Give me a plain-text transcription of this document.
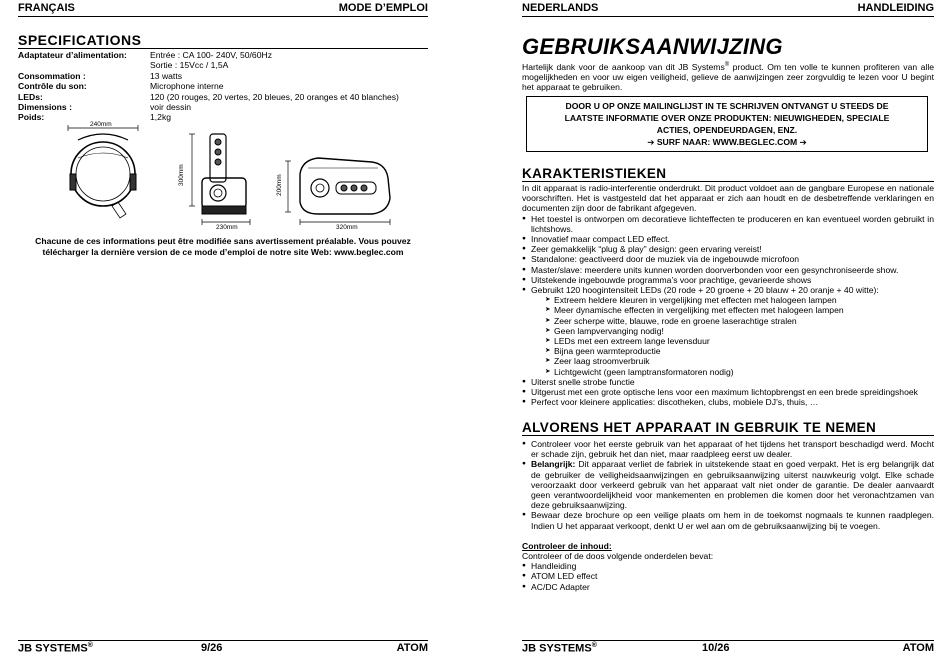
FRANÇAIS	MODE D’EMPLOI
SPECIFICATIONS
Adaptateur d’alimentation:	Entrée : CA 100- 240V, 50/60Hz
	Sortie : 15Vcc / 1,5A
Consommation :	13 watts
Contrôle du son:	Microphone interne
LEDs:	120 (20 rouges, 20 vertes, 20 bleues, 20 oranges et 40 blanches)
Dimensions :	voir dessin
Poids:	1,2kg
240mm
300mm
230mm
200mm
320mm
Chacune de ces informations peut être modifiée sans avertissement préalable. Vous pouvez
télécharger la dernière version de ce mode d’emploi de notre site Web: www.beglec.com
JB SYSTEMS®	9/26	ATOM
NEDERLANDS	HANDLEIDING
GEBRUIKSAANWIJZING
Hartelijk dank voor de aankoop van dit JB Systems® product. Om ten volle te kunnen profiteren van alle mogelijkheden en voor uw eigen veiligheid, gelieve de aanwijzingen zeer zorgvuldig te lezen voor U begint het apparaat te gebruiken.
DOOR U OP ONZE MAILINGLIJST IN TE SCHRIJVEN ONTVANGT U STEEDS DE
LAATSTE INFORMATIE OVER ONZE PRODUKTEN: NIEUWIGHEDEN, SPECIALE
ACTIES, OPENDEURDAGEN, ENZ.
➔ SURF NAAR: WWW.BEGLEC.COM ➔
KARAKTERISTIEKEN
In dit apparaat is radio-interferentie onderdrukt. Dit product voldoet aan de gangbare Europese en nationale voorschriften. Het is vastgesteld dat het apparaat er zich aan houdt en de desbetreffende verklaringen en documenten zijn door de fabrikant afgegeven.
● Het toestel is ontworpen om decoratieve lichteffecten te produceren en kan eventueel worden gebruikt in lichtshows.
● Innovatief maar compact LED effect.
● Zeer gemakkelijk “plug & play” design: geen ervaring vereist!
● Standalone: geactiveerd door de muziek via de ingebouwde microfoon
● Master/slave: meerdere units kunnen worden doorverbonden voor een gesynchroniseerde show.
● Uitstekende ingebouwde programma’s voor prachtige, gevarieerde shows
● Gebruikt 120 hoogintensiteit LEDs (20 rode + 20 groene + 20 blauw + 20 oranje + 40 witte):
➤ Extreem heldere kleuren in vergelijking met effecten met halogeen lampen
➤ Meer dynamische effecten in vergelijking met effecten met halogeen lampen
➤ Zeer scherpe witte, blauwe, rode en groene laserachtige stralen
➤ Geen lampvervanging nodig!
➤ LEDs met een extreem lange levensduur
➤ Bijna geen warmteproductie
➤ Zeer laag stroomverbruik
➤ Lichtgewicht (geen lamptransformatoren nodig)
● Uiterst snelle strobe functie
● Uitgerust met een grote optische lens voor een maximum lichtopbrengst en een brede spreidingshoek
● Perfect voor kleinere applicaties: discotheken, clubs, mobiele DJ’s, thuis, …
ALVORENS HET APPARAAT IN GEBRUIK TE NEMEN
● Controleer voor het eerste gebruik van het apparaat of het tijdens het transport beschadigd werd. Mocht er schade zijn, gebruik het dan niet, maar raadpleeg eerst uw dealer.
● Belangrijk: Dit apparaat verliet de fabriek in uitstekende staat en goed verpakt. Het is erg belangrijk dat de gebruiker de veiligheidsaanwijzingen en gebruiksaanwijzing uiterst nauwkeurig volgt. Elke schade veroorzaakt door verkeerd gebruik van het apparaat valt niet onder de garantie. De dealer aanvaardt geen verantwoordelijkheid voor mankementen en problemen die komen door het veronachtzamen van deze gebruiksaanwijzing.
● Bewaar deze brochure op een veilige plaats om hem in de toekomst nogmaals te kunnen raadplegen. Indien U het apparaat verkoopt, denkt U er wel aan om de gebruiksaanwijzing bij te voegen.
Controleer de inhoud:
Controleer of de doos volgende onderdelen bevat:
● Handleiding
● ATOM LED effect
● AC/DC Adapter
JB SYSTEMS®	10/26	ATOM
